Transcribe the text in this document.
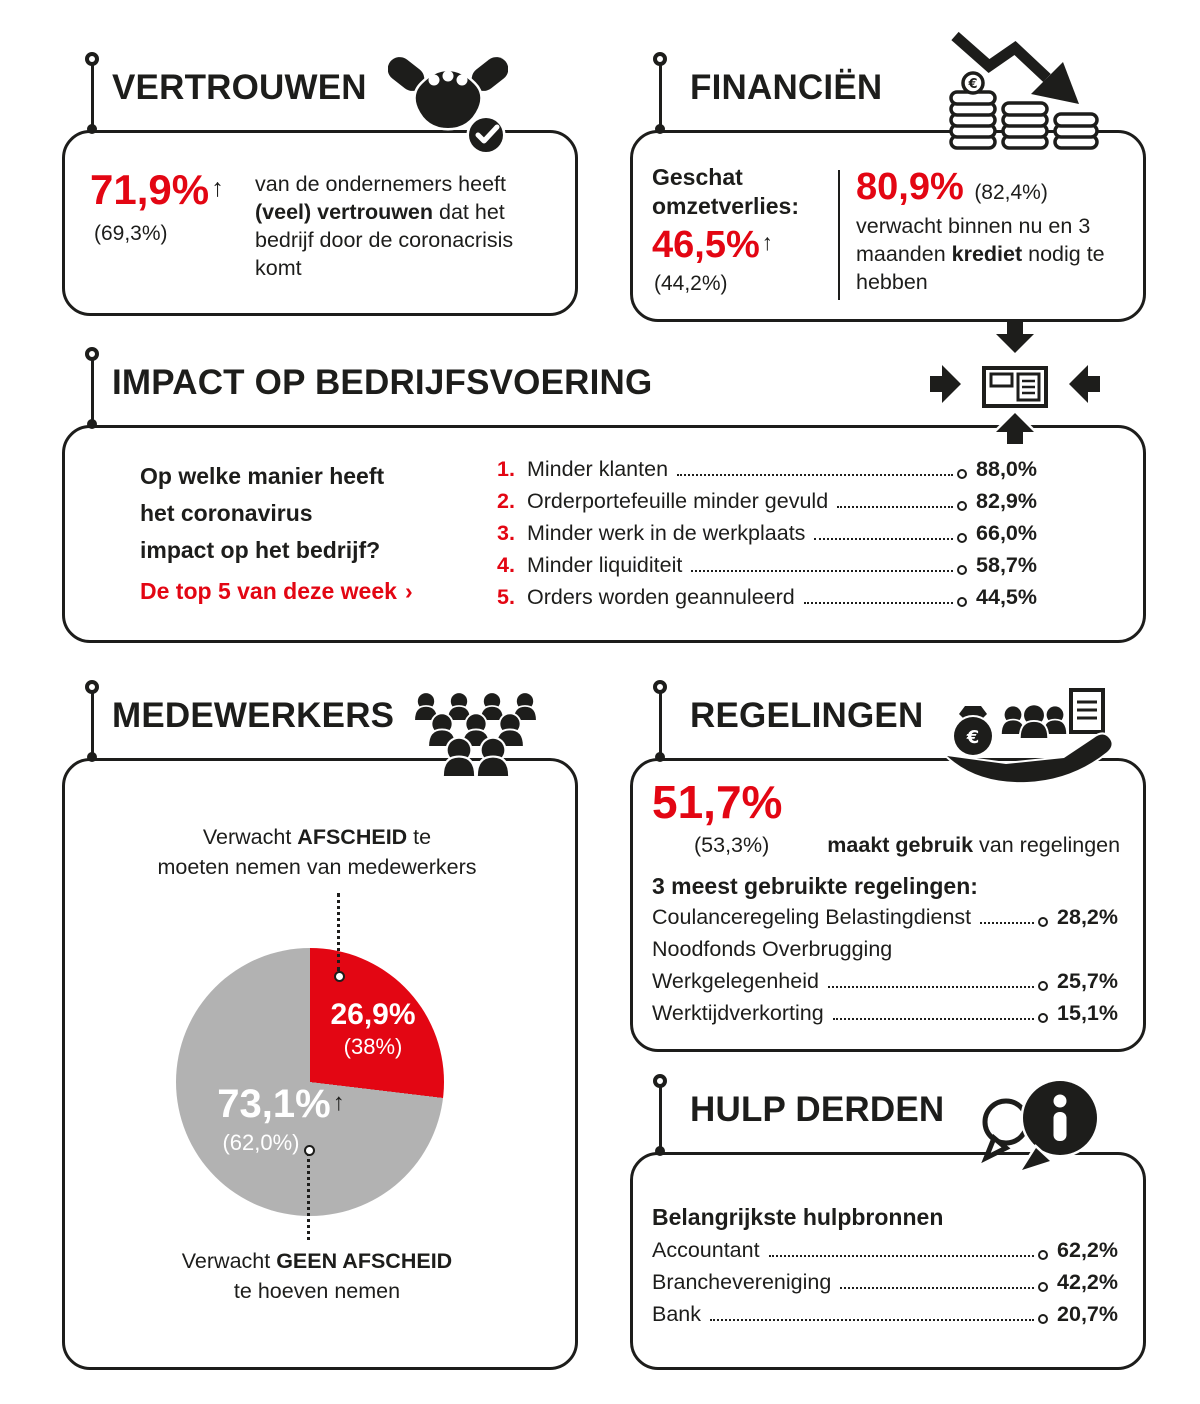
VERTROUWEN	FINANCIËN
IMPACT OP BEDRIJFSVOERING
MEDEWERKERS	REGELINGEN
HULP DERDEN
€
€
71,9%↑
(69,3%)

van de ondernemers heeft (veel) vertrouwen dat het bedrijf door de coronacrisis komt

Geschat
omzetverlies:
46,5%↑
(44,2%)
80,9% (82,4%)

verwacht binnen nu en 3 maanden krediet nodig te hebben

Op welke manier heeft
het coronavirus
impact op het bedrijf?
De top 5 van deze week ›
1. Minder klanten	88,0%
2. Orderportefeuille minder gevuld	82,9%
3. Minder werk in de werkplaats	66,0%
4. Minder liquiditeit	58,7%
5. Orders worden geannuleerd	44,5%
Verwacht AFSCHEID te
moeten nemen van medewerkers
26,9%
(38%)
73,1%↑
(62,0%)
Verwacht GEEN AFSCHEID
te hoeven nemen
51,7%
(53,3%)	maakt gebruik van regelingen
3 meest gebruikte regelingen:
Coulanceregeling Belastingdienst	28,2%
Noodfonds Overbrugging
Werkgelegenheid	25,7%
Werktijdverkorting	15,1%
Belangrijkste hulpbronnen
Accountant	62,2%
Branchevereniging	42,2%
Bank	20,7%
